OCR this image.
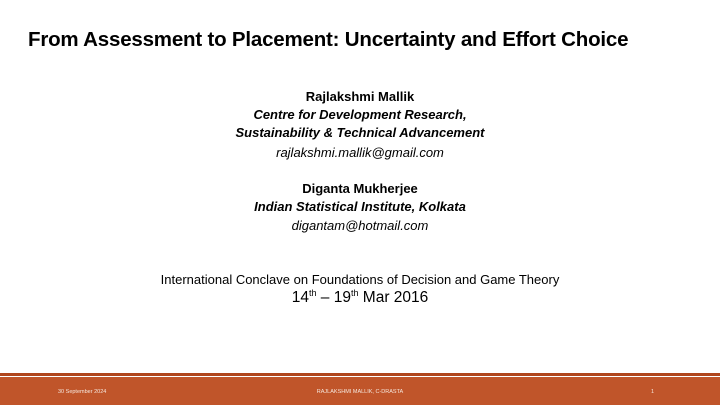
From Assessment to Placement: Uncertainty and Effort Choice
Rajlakshmi Mallik
Centre for Development Research,
Sustainability & Technical Advancement
rajlakshmi.mallik@gmail.com
Diganta Mukherjee
Indian Statistical Institute, Kolkata
digantam@hotmail.com
International Conclave on Foundations of Decision and Game Theory
14th – 19th Mar 2016
30 September 2024	RAJLAKSHMI MALLIK, C-DRASTA	1
